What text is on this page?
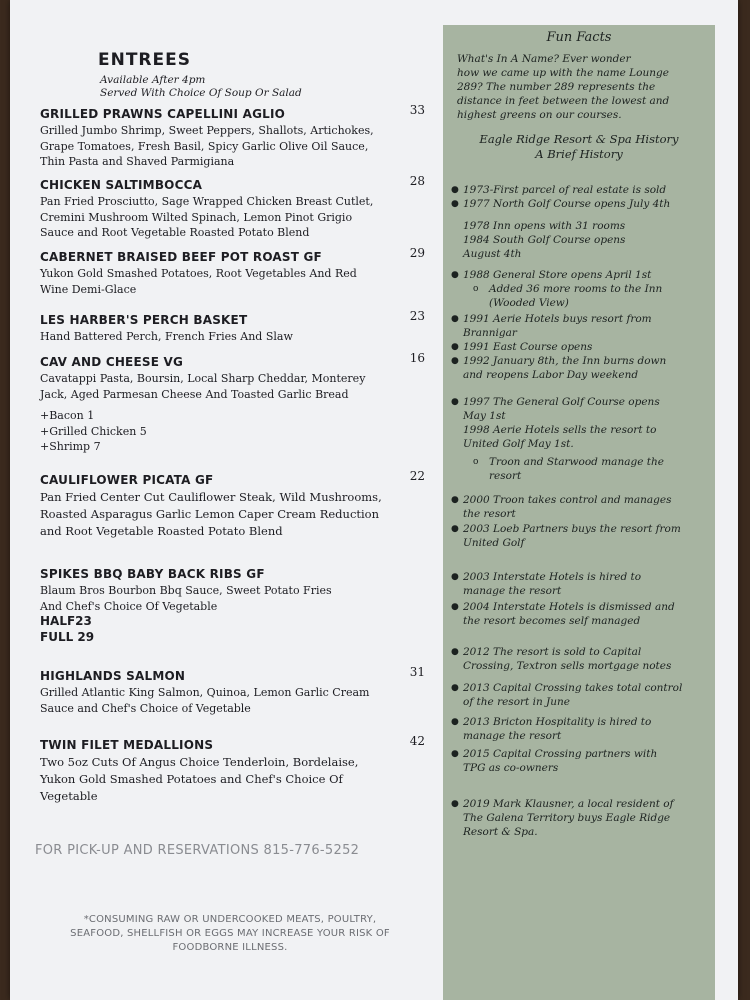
ENTREES
Available After 4pm
Served With Choice Of Soup Or Salad
GRILLED PRAWNS CAPELLINI AGLIO	33
Grilled Jumbo Shrimp, Sweet Peppers, Shallots, Artichokes,
Grape Tomatoes, Fresh Basil, Spicy Garlic Olive Oil Sauce,
Thin Pasta and Shaved Parmigiana
CHICKEN SALTIMBOCCA	28
Pan Fried Prosciutto, Sage Wrapped Chicken Breast Cutlet,
Cremini Mushroom Wilted Spinach, Lemon Pinot Grigio
Sauce and Root Vegetable Roasted Potato Blend
CABERNET BRAISED BEEF POT ROAST GF	29
Yukon Gold Smashed Potatoes, Root Vegetables And Red
Wine Demi-Glace
LES HARBER'S PERCH BASKET	23
Hand Battered Perch, French Fries And Slaw
CAV AND CHEESE VG	16
Cavatappi Pasta, Boursin, Local Sharp Cheddar, Monterey
Jack, Aged Parmesan Cheese And Toasted Garlic Bread
+Bacon 1
+Grilled Chicken 5
+Shrimp 7
CAULIFLOWER PICATA GF	22
Pan Fried Center Cut Cauliflower Steak, Wild Mushrooms,
Roasted Asparagus Garlic Lemon Caper Cream Reduction
and Root Vegetable Roasted Potato Blend
SPIKES BBQ BABY BACK RIBS GF
Blaum Bros Bourbon Bbq Sauce, Sweet Potato Fries
And Chef's Choice Of Vegetable
HALF23
FULL 29
HIGHLANDS SALMON	31
Grilled Atlantic King Salmon, Quinoa, Lemon Garlic Cream
Sauce and Chef's Choice of Vegetable
TWIN FILET MEDALLIONS	42
Two 5oz Cuts Of Angus Choice Tenderloin, Bordelaise,
Yukon Gold Smashed Potatoes and Chef's Choice Of
Vegetable
FOR PICK-UP AND RESERVATIONS 815-776-5252
*CONSUMING RAW OR UNDERCOOKED MEATS, POULTRY,
SEAFOOD, SHELLFISH OR EGGS MAY INCREASE YOUR RISK OF
FOODBORNE ILLNESS.
Fun Facts
What's In A Name? Ever wonder
how we came up with the name Lounge
289? The number 289 represents the
distance in feet between the lowest and
highest greens on our courses.
Eagle Ridge Resort & Spa History
A Brief History
● 1973-First parcel of real estate is sold
● 1977 North Golf Course opens July 4th
1978 Inn opens with 31 rooms
1984 South Golf Course opens
August 4th
● 1988 General Store opens April 1st
o Added 36 more rooms to the Inn
(Wooded View)
● 1991 Aerie Hotels buys resort from
Brannigar
● 1991 East Course opens
● 1992 January 8th, the Inn burns down
and reopens Labor Day weekend
● 1997 The General Golf Course opens
May 1st
1998 Aerie Hotels sells the resort to
United Golf May 1st.
o Troon and Starwood manage the
resort
● 2000 Troon takes control and manages
the resort
● 2003 Loeb Partners buys the resort from
United Golf
● 2003 Interstate Hotels is hired to
manage the resort
● 2004 Interstate Hotels is dismissed and
the resort becomes self managed
● 2012 The resort is sold to Capital
Crossing, Textron sells mortgage notes
● 2013 Capital Crossing takes total control
of the resort in June
● 2013 Bricton Hospitality is hired to
manage the resort
● 2015 Capital Crossing partners with
TPG as co-owners
● 2019 Mark Klausner, a local resident of
The Galena Territory buys Eagle Ridge
Resort & Spa.
